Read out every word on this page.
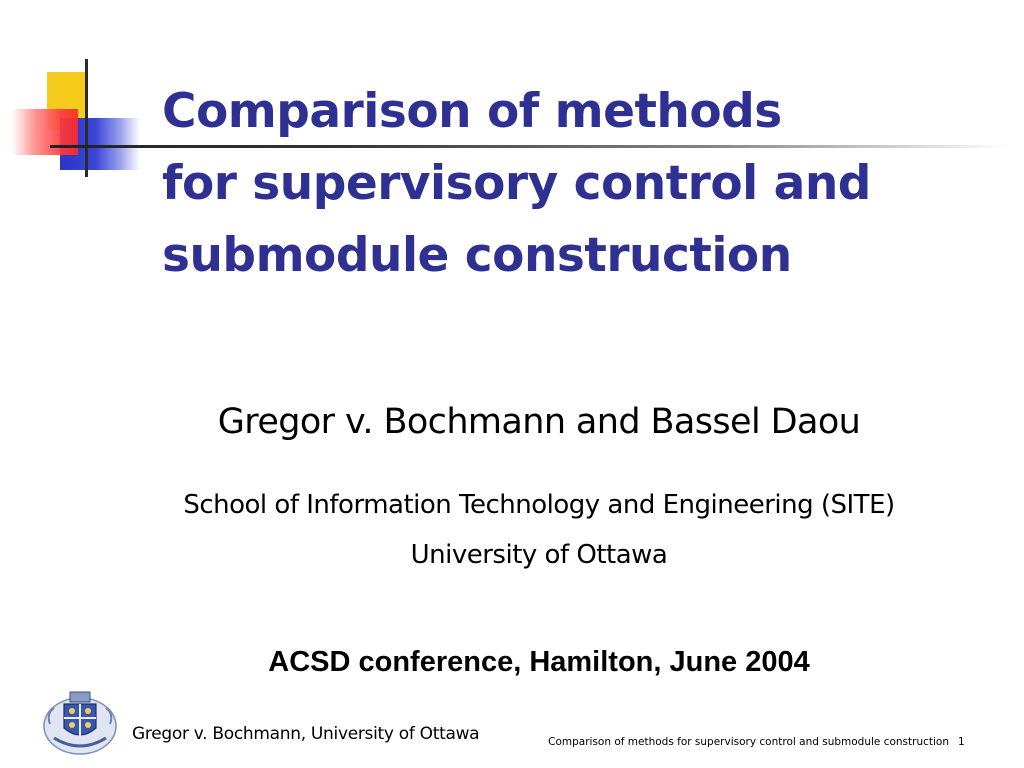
Comparison of methods
for supervisory control and
submodule construction
Gregor v. Bochmann and Bassel Daou
School of Information Technology and Engineering (SITE)
University of Ottawa
ACSD conference, Hamilton, June 2004
Gregor v. Bochmann, University of Ottawa	Comparison of methods for supervisory control and submodule construction 1
